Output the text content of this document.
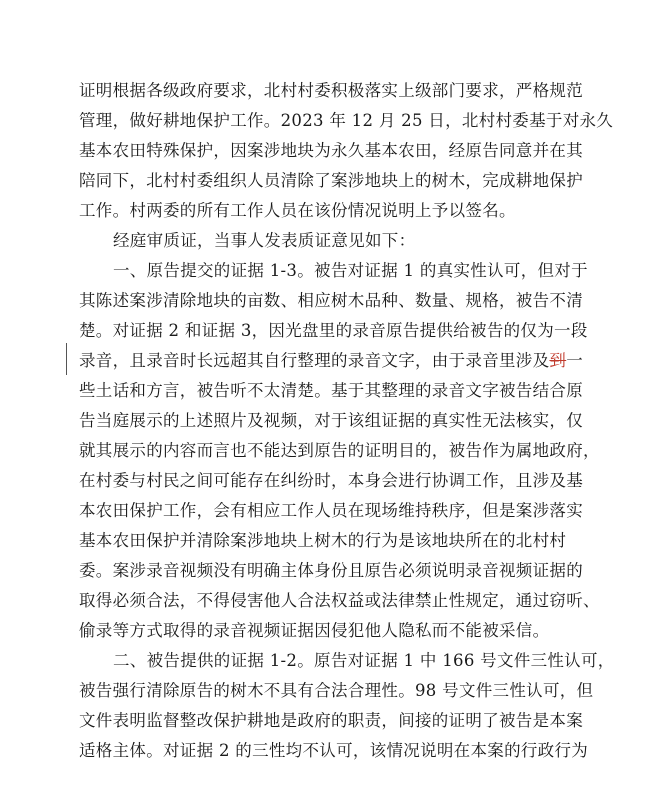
证明根据各级政府要求，北村村委积极落实上级部门要求，严格规范
管理，做好耕地保护工作。2023 年 12 月 25 日，北村村委基于对永久
基本农田特殊保护，因案涉地块为永久基本农田，经原告同意并在其
陪同下，北村村委组织人员清除了案涉地块上的树木，完成耕地保护
工作。村两委的所有工作人员在该份情况说明上予以签名。
经庭审质证，当事人发表质证意见如下：
一、原告提交的证据 1-3。被告对证据 1 的真实性认可，但对于
其陈述案涉清除地块的亩数、相应树木品种、数量、规格，被告不清
楚。对证据 2 和证据 3，因光盘里的录音原告提供给被告的仅为一段
录音，且录音时长远超其自行整理的录音文字，由于录音里涉及到一
些土话和方言，被告听不太清楚。基于其整理的录音文字被告结合原
告当庭展示的上述照片及视频，对于该组证据的真实性无法核实，仅
就其展示的内容而言也不能达到原告的证明目的，被告作为属地政府，
在村委与村民之间可能存在纠纷时，本身会进行协调工作，且涉及基
本农田保护工作，会有相应工作人员在现场维持秩序，但是案涉落实
基本农田保护并清除案涉地块上树木的行为是该地块所在的北村村
委。案涉录音视频没有明确主体身份且原告必须说明录音视频证据的
取得必须合法，不得侵害他人合法权益或法律禁止性规定，通过窃听、
偷录等方式取得的录音视频证据因侵犯他人隐私而不能被采信。
二、被告提供的证据 1-2。原告对证据 1 中 166 号文件三性认可，
被告强行清除原告的树木不具有合法合理性。98 号文件三性认可，但
文件表明监督整改保护耕地是政府的职责，间接的证明了被告是本案
适格主体。对证据 2 的三性均不认可，该情况说明在本案的行政行为
